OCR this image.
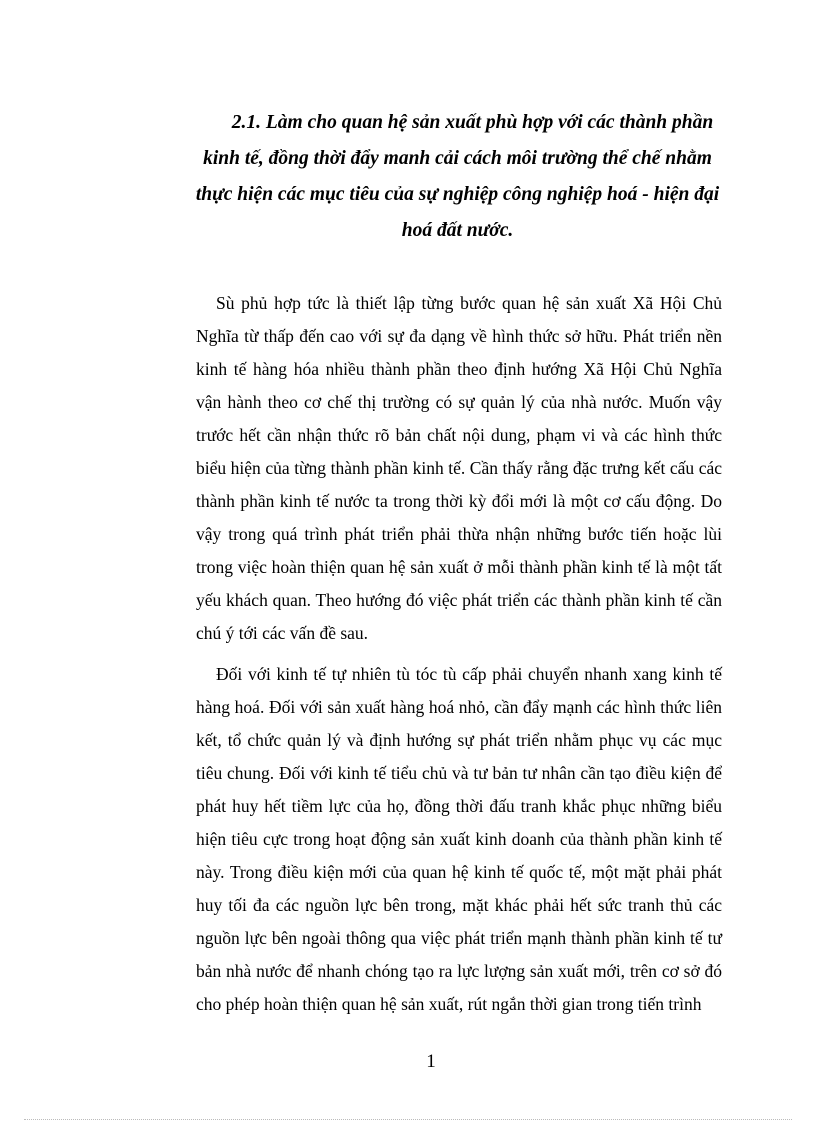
2.1. Làm cho quan hệ sản xuất phù hợp với các thành phần
kinh tế, đồng thời đẩy manh cải cách môi trường thể chế nhằm
thực hiện các mục tiêu của sự nghiệp công nghiệp hoá - hiện đại
hoá đất nước.

Sù phủ hợp tức là thiết lập từng bước quan hệ sản xuất Xã Hội Chủ
Nghĩa từ thấp đến cao với sự đa dạng về hình thức sở hữu. Phát triển nền
kinh tế hàng hóa nhiều thành phần theo định hướng Xã Hội Chủ Nghĩa
vận hành theo cơ chế thị trường có sự quản lý của nhà nước. Muốn vậy
trước hết cần nhận thức rõ bản chất nội dung, phạm vi và các hình thức
biểu hiện của từng thành phần kinh tế. Cần thấy rằng đặc trưng kết cấu các
thành phần kinh tế nước ta trong thời kỳ đổi mới là một cơ cấu động. Do
vậy trong quá trình phát triển phải thừa nhận những bước tiến hoặc lùi
trong việc hoàn thiện quan hệ sản xuất ở mỗi thành phần kinh tế là một tất
yếu khách quan. Theo hướng đó việc phát triển các thành phần kinh tế cần
chú ý tới các vấn đề sau.

Đối với kinh tế tự nhiên tù tóc tù cấp phải chuyển nhanh xang kinh tế
hàng hoá. Đối với sản xuất hàng hoá nhỏ, cần đẩy mạnh các hình thức liên
kết, tổ chức quản lý và định hướng sự phát triển nhằm phục vụ các mục
tiêu chung. Đối với kinh tế tiểu chủ và tư bản tư nhân cần tạo điều kiện để
phát huy hết tiềm lực của họ, đồng thời đấu tranh khắc phục những biểu
hiện tiêu cực trong hoạt động sản xuất kinh doanh của thành phần kinh tế
này. Trong điều kiện mới của quan hệ kinh tế quốc tế, một mặt phải phát
huy tối đa các nguồn lực bên trong, mặt khác phải hết sức tranh thủ các
nguồn lực bên ngoài thông qua việc phát triển mạnh thành phần kinh tế tư
bản nhà nước để nhanh chóng tạo ra lực lượng sản xuất mới, trên cơ sở đó
cho phép hoàn thiện quan hệ sản xuất, rút ngắn thời gian trong tiến trình

1
